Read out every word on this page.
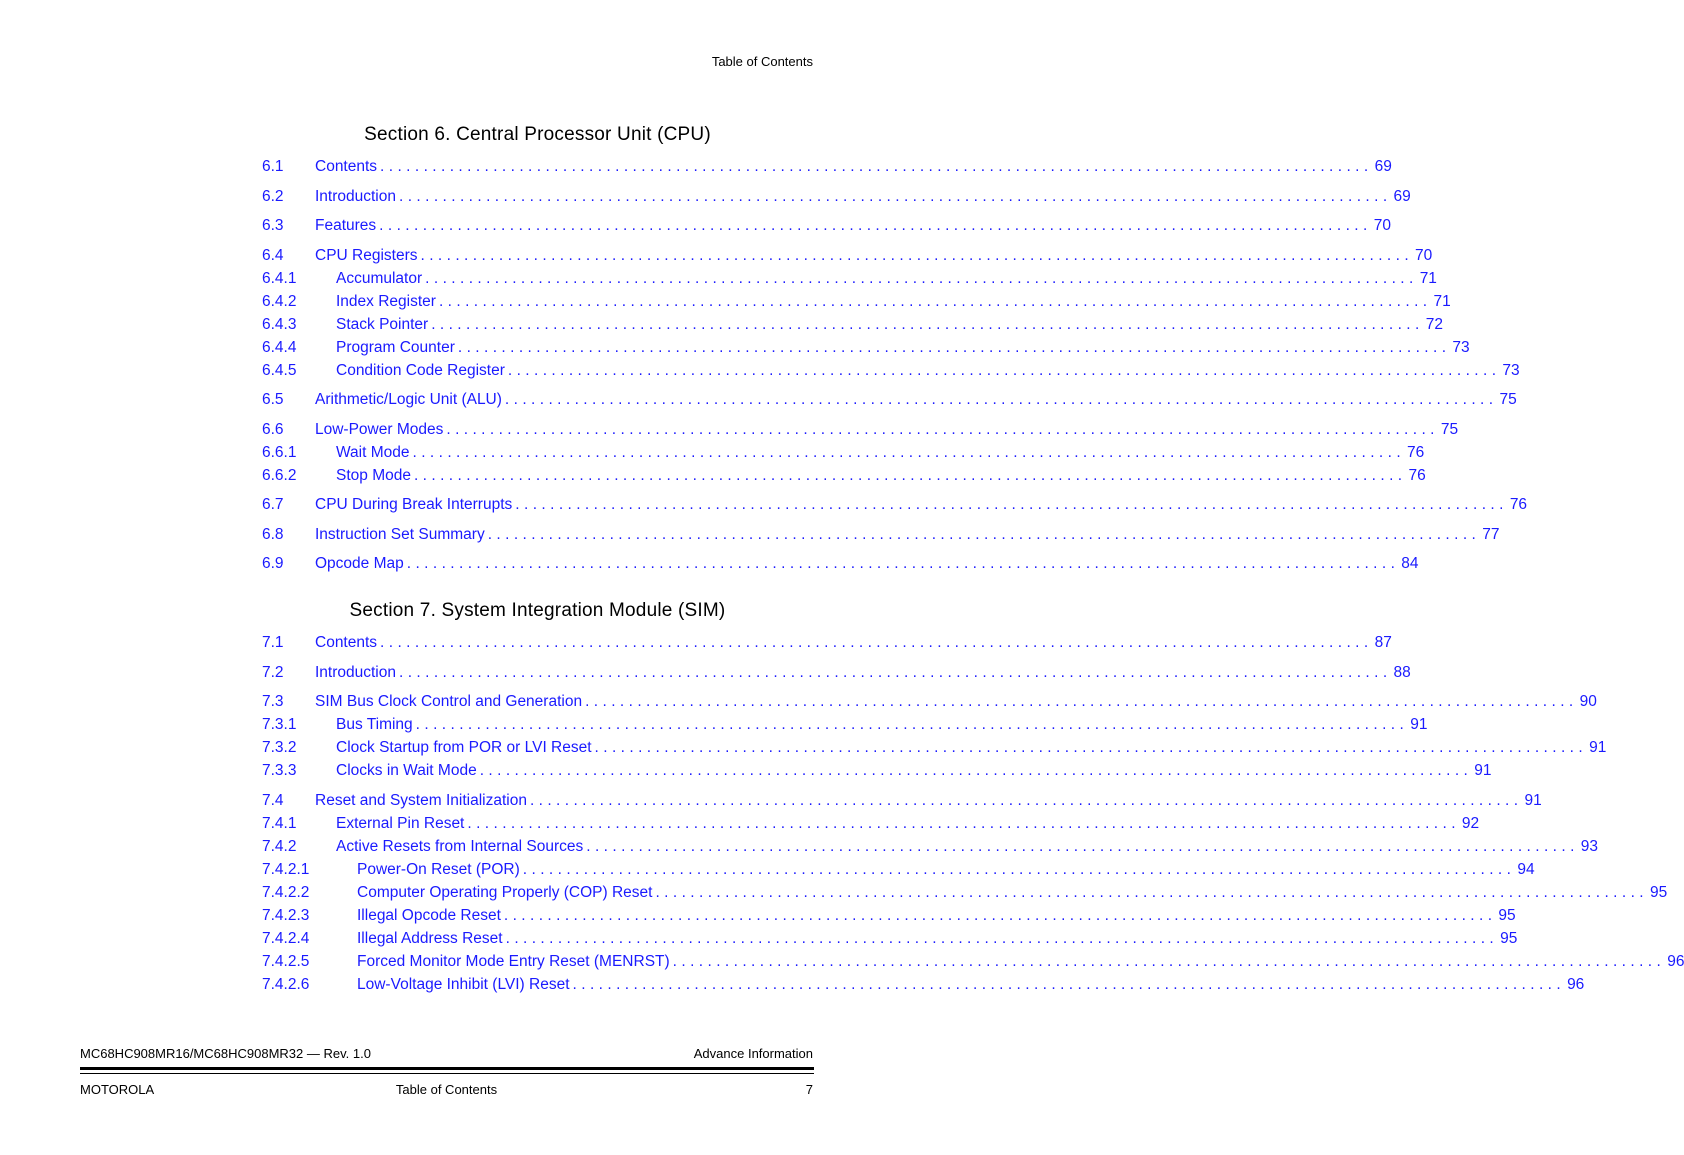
Table of Contents
Section 6. Central Processor Unit (CPU)
6.1 Contents .................................................................................................................. 69
6.2 Introduction .................................................................................................................. 69
6.3 Features .................................................................................................................. 70
6.4 CPU Registers .................................................................................................................. 70
6.4.1	Accumulator .................................................................................................................. 71
6.4.2	Index Register .................................................................................................................. 71
6.4.3	Stack Pointer .................................................................................................................. 72
6.4.4	Program Counter .................................................................................................................. 73
6.4.5	Condition Code Register .................................................................................................................. 73
6.5 Arithmetic/Logic Unit (ALU) .................................................................................................................. 75
6.6 Low-Power Modes .................................................................................................................. 75
6.6.1	Wait Mode .................................................................................................................. 76
6.6.2	Stop Mode .................................................................................................................. 76
6.7 CPU During Break Interrupts .................................................................................................................. 76
6.8 Instruction Set Summary .................................................................................................................. 77
6.9 Opcode Map .................................................................................................................. 84
Section 7. System Integration Module (SIM)
7.1 Contents .................................................................................................................. 87
7.2 Introduction .................................................................................................................. 88
7.3 SIM Bus Clock Control and Generation .................................................................................................................. 90
7.3.1	Bus Timing .................................................................................................................. 91
7.3.2	Clock Startup from POR or LVI Reset .................................................................................................................. 91
7.3.3	Clocks in Wait Mode .................................................................................................................. 91
7.4 Reset and System Initialization .................................................................................................................. 91
7.4.1	External Pin Reset .................................................................................................................. 92
7.4.2	Active Resets from Internal Sources .................................................................................................................. 93
7.4.2.1	Power-On Reset (POR) .................................................................................................................. 94
7.4.2.2	Computer Operating Properly (COP) Reset .................................................................................................................. 95
7.4.2.3	Illegal Opcode Reset .................................................................................................................. 95
7.4.2.4	Illegal Address Reset .................................................................................................................. 95
7.4.2.5	Forced Monitor Mode Entry Reset (MENRST) .................................................................................................................. 96
7.4.2.6	Low-Voltage Inhibit (LVI) Reset .................................................................................................................. 96
MC68HC908MR16/MC68HC908MR32 — Rev. 1.0	Advance Information
MOTOROLA	Table of Contents	7
